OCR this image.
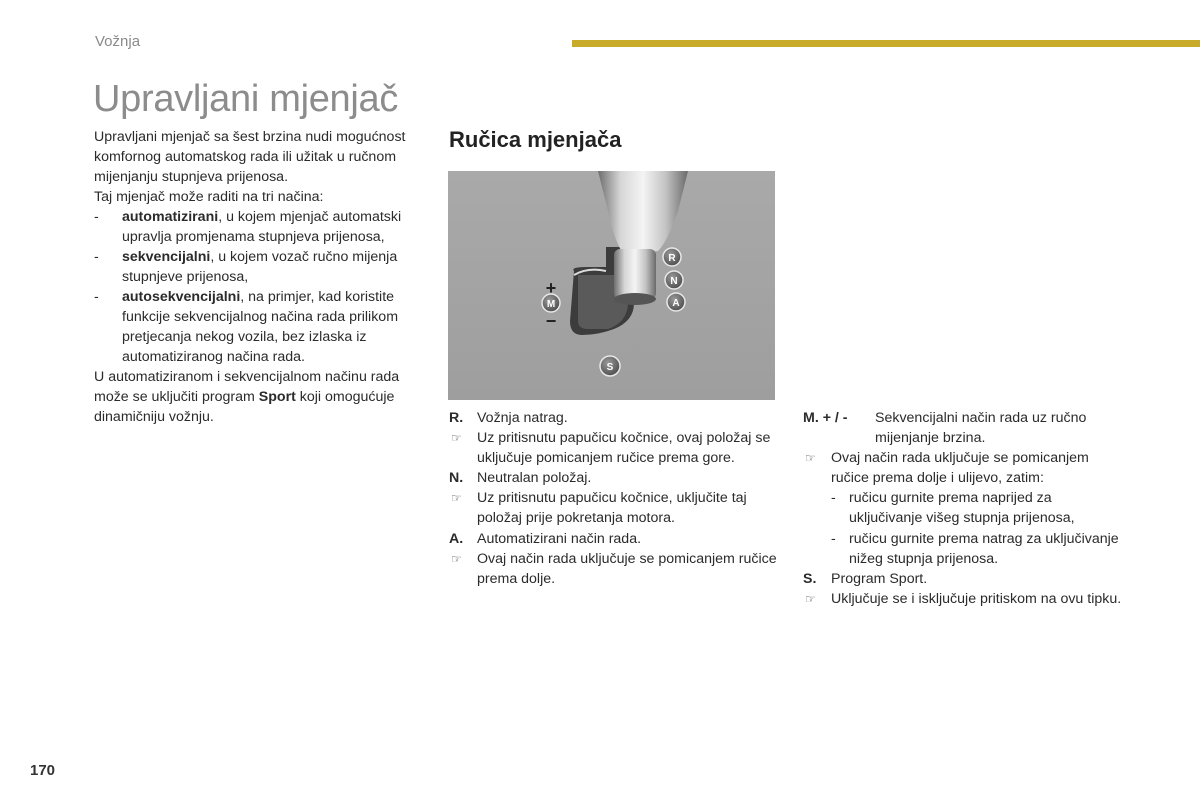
Vožnja
Upravljani mjenjač

Upravljani mjenjač sa šest brzina nudi mogućnost komfornog automatskog rada ili užitak u ručnom mijenjanju stupnjeva prijenosa.

Taj mjenjač može raditi na tri načina:

- automatizirani, u kojem mjenjač automatski upravlja promjenama stupnjeva prijenosa,
- sekvencijalni, u kojem vozač ručno mijenja stupnjeve prijenosa,
- autosekvencijalni, na primjer, kad koristite funkcije sekvencijalnog načina rada prilikom pretjecanja nekog vozila, bez izlaska iz automatiziranog načina rada.

U automatiziranom i sekvencijalnom načinu rada može se uključiti program Sport koji omogućuje dinamičniju vožnju.

Ručica mjenjača
R
N
A
M
+
−
S
R. Vožnja natrag.
☞	Uz pritisnutu papučicu kočnice, ovaj položaj se uključuje pomicanjem ručice prema gore.
N. Neutralan položaj.
☞	Uz pritisnutu papučicu kočnice, uključite taj položaj prije pokretanja motora.
A. Automatizirani način rada.
☞	Ovaj način rada uključuje se pomicanjem ručice prema dolje.
M. + / -	Sekvencijalni način rada uz ručno mijenjanje brzina.
☞	Ovaj način rada uključuje se pomicanjem ručice prema dolje i ulijevo, zatim:
- ručicu gurnite prema naprijed za uključivanje višeg stupnja prijenosa,
- ručicu gurnite prema natrag za uključivanje nižeg stupnja prijenosa.
S.	Program Sport.
☞	Uključuje se i isključuje pritiskom na ovu tipku.
170
